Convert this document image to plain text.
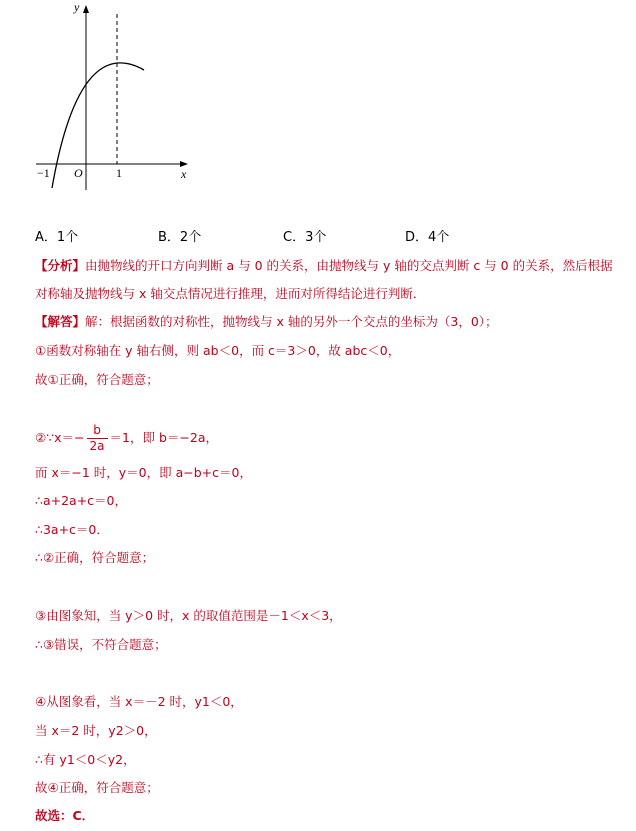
y
x
O
−1	1
A．1个	B．2个	C．3个	D．4个
【分析】由抛物线的开口方向判断 a 与 0 的关系，由抛物线与 y 轴的交点判断 c 与 0 的关系，然后根据
对称轴及抛物线与 x 轴交点情况进行推理，进而对所得结论进行判断．
【解答】解：根据函数的对称性，抛物线与 x 轴的另外一个交点的坐标为（3，0）；
①函数对称轴在 y 轴右侧，则 ab＜0，而 c＝3＞0，故 abc＜0，
故①正确，符合题意；
②∵x＝− $\frac{b}{2a} =1$，即 b＝−2a，
而 x＝−1 时，y＝0，即 a−b+c＝0，
∴a+2a+c＝0，
∴3a+c＝0．
∴②正确，符合题意；
③由图象知，当 y＞0 时，x 的取值范围是－1＜x＜3，
∴③错误，不符合题意；
④从图象看，当 x＝－2 时，y1＜0，
当 x＝2 时，y2＞0，
∴有 y1＜0＜y2，
故④正确，符合题意；
故选：C．
